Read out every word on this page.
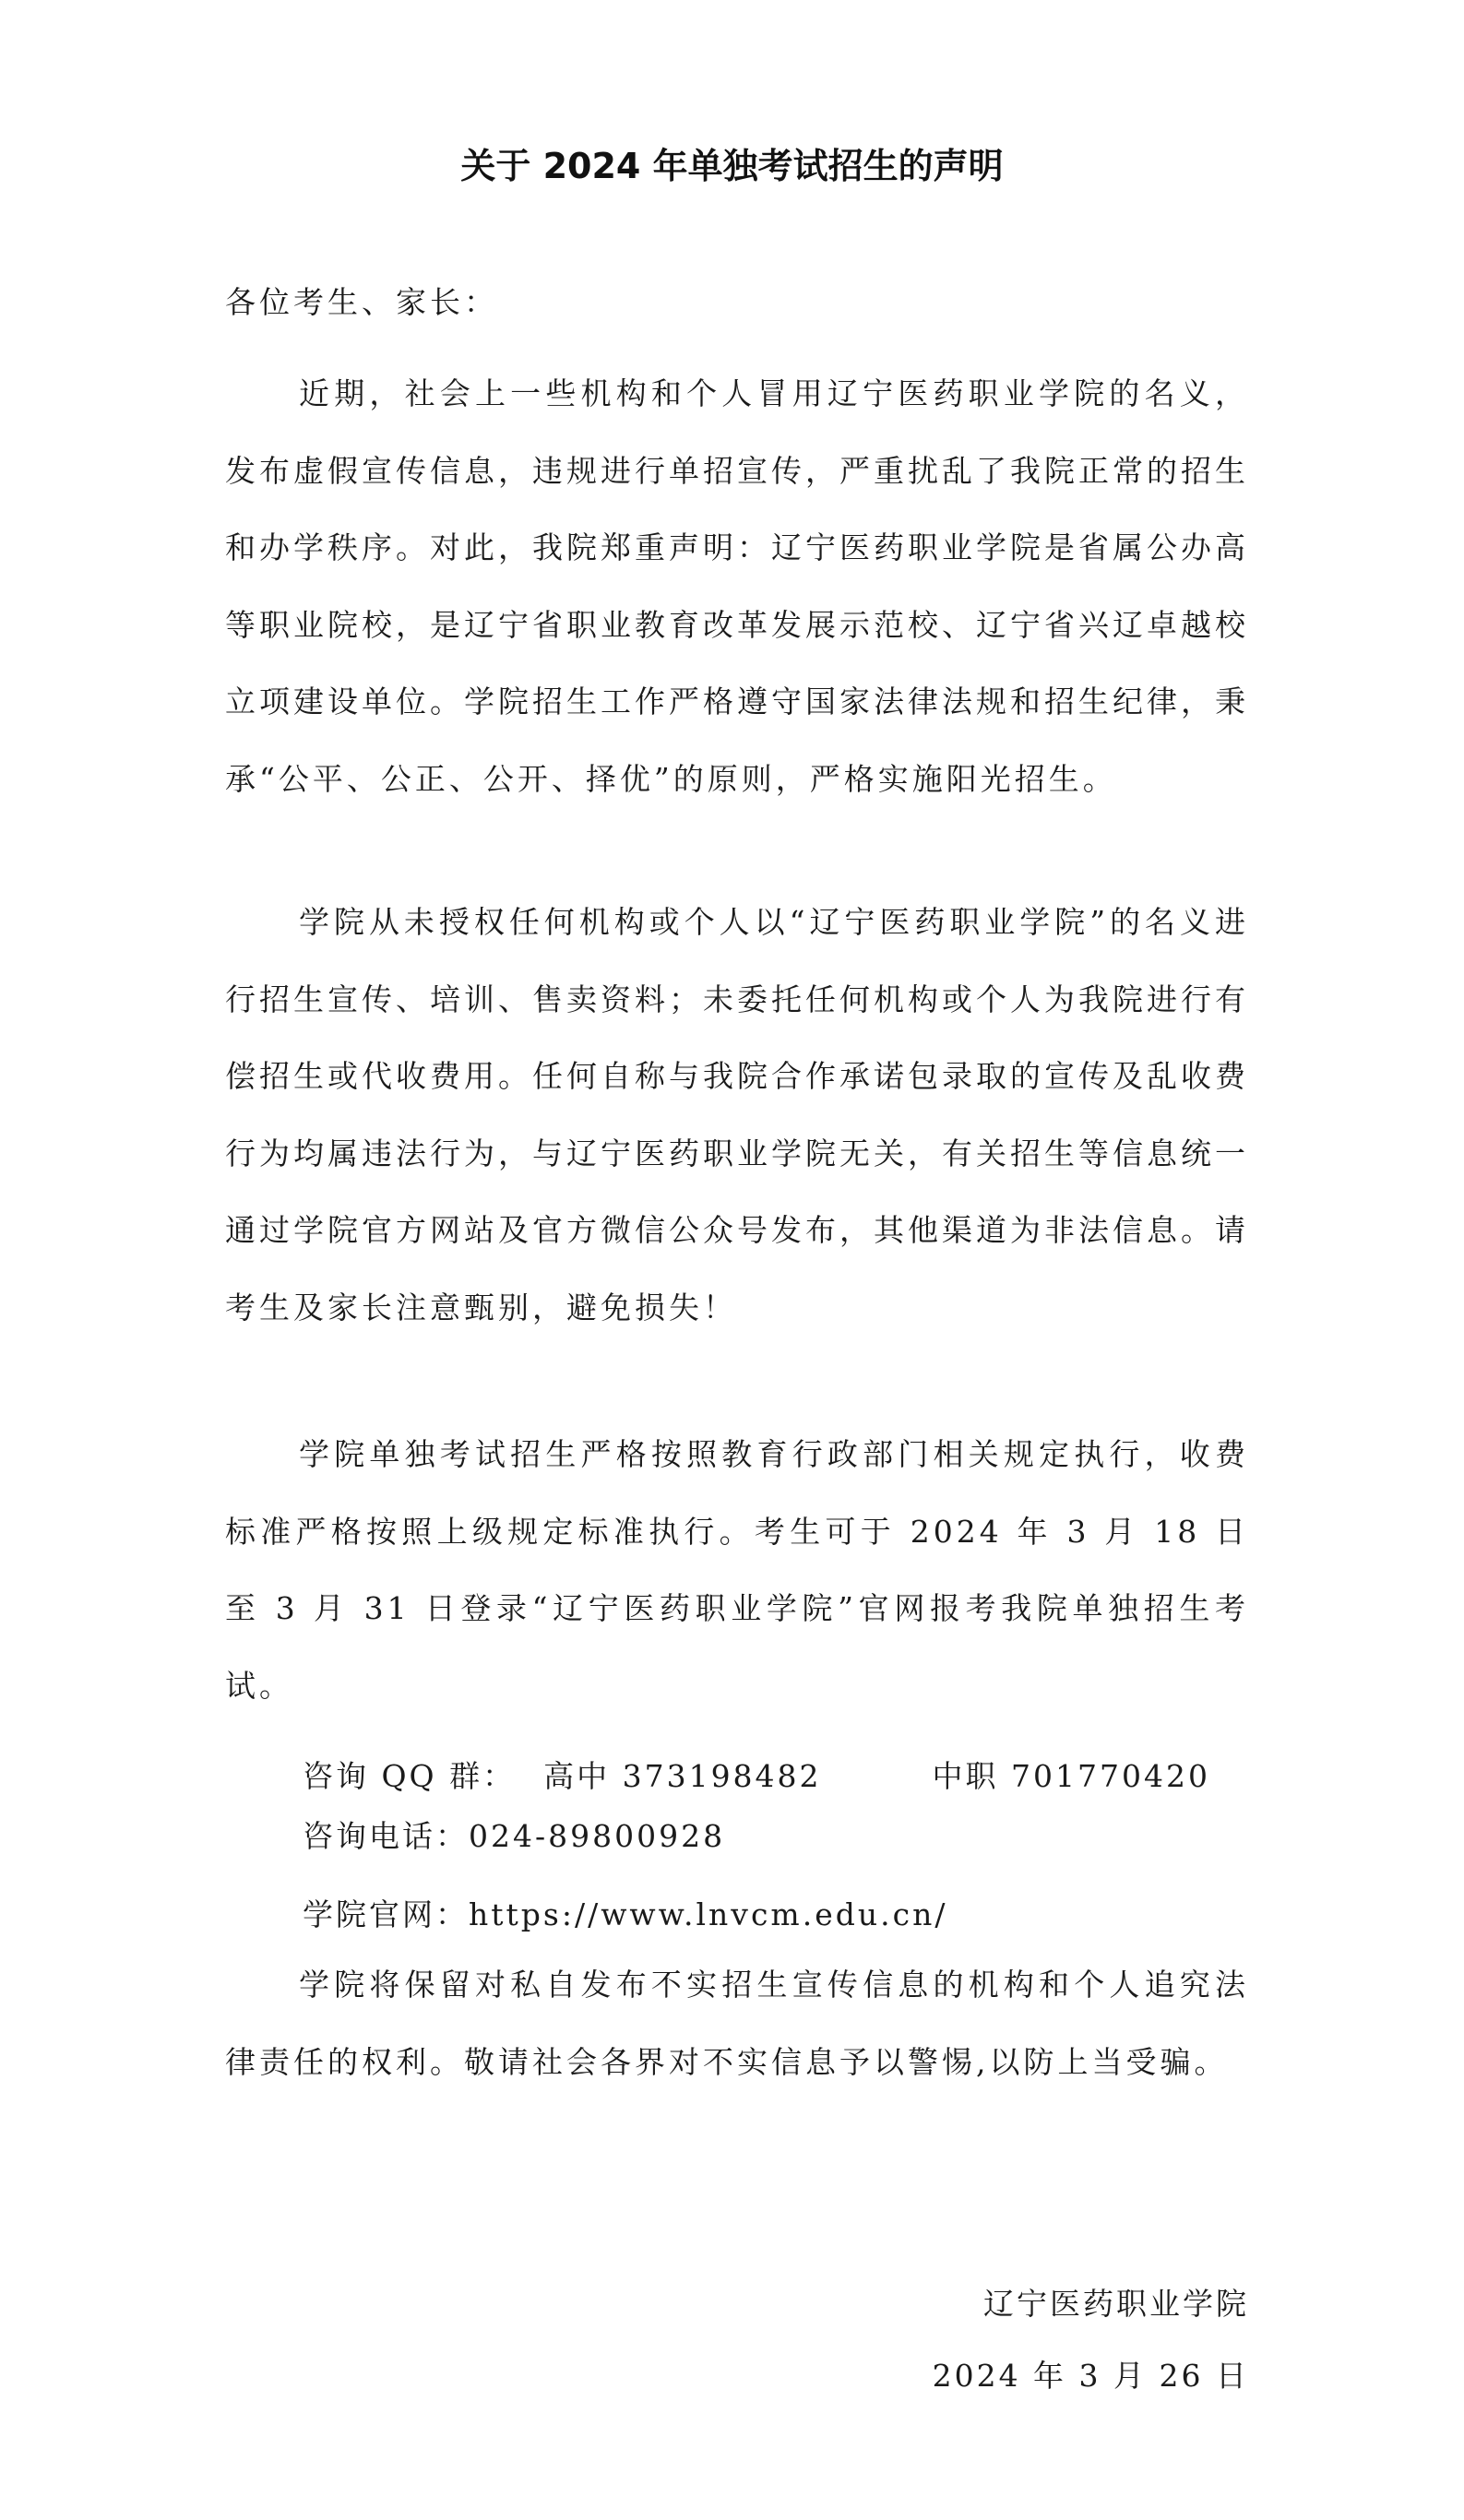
关于 2024 年单独考试招生的声明

各位考生、家长：

近期，社会上一些机构和个人冒用辽宁医药职业学院的名义，发布虚假宣传信息，违规进行单招宣传，严重扰乱了我院正常的招生和办学秩序。对此，我院郑重声明：辽宁医药职业学院是省属公办高等职业院校，是辽宁省职业教育改革发展示范校、辽宁省兴辽卓越校立项建设单位。学院招生工作严格遵守国家法律法规和招生纪律，秉承“公平、公正、公开、择优”的原则，严格实施阳光招生。

学院从未授权任何机构或个人以“辽宁医药职业学院”的名义进行招生宣传、培训、售卖资料；未委托任何机构或个人为我院进行有偿招生或代收费用。任何自称与我院合作承诺包录取的宣传及乱收费行为均属违法行为，与辽宁医药职业学院无关，有关招生等信息统一通过学院官方网站及官方微信公众号发布，其他渠道为非法信息。请考生及家长注意甄别，避免损失！

学院单独考试招生严格按照教育行政部门相关规定执行，收费标准严格按照上级规定标准执行。考生可于 2024 年 3 月 18 日至 3 月 31 日登录“辽宁医药职业学院”官网报考我院单独招生考试。

咨询 QQ 群： 高中 373198482	中职 701770420

咨询电话：024-89800928

学院官网：https://www.lnvcm.edu.cn/

学院将保留对私自发布不实招生宣传信息的机构和个人追究法律责任的权利。敬请社会各界对不实信息予以警惕,以防上当受骗。

辽宁医药职业学院

2024 年 3 月 26 日
